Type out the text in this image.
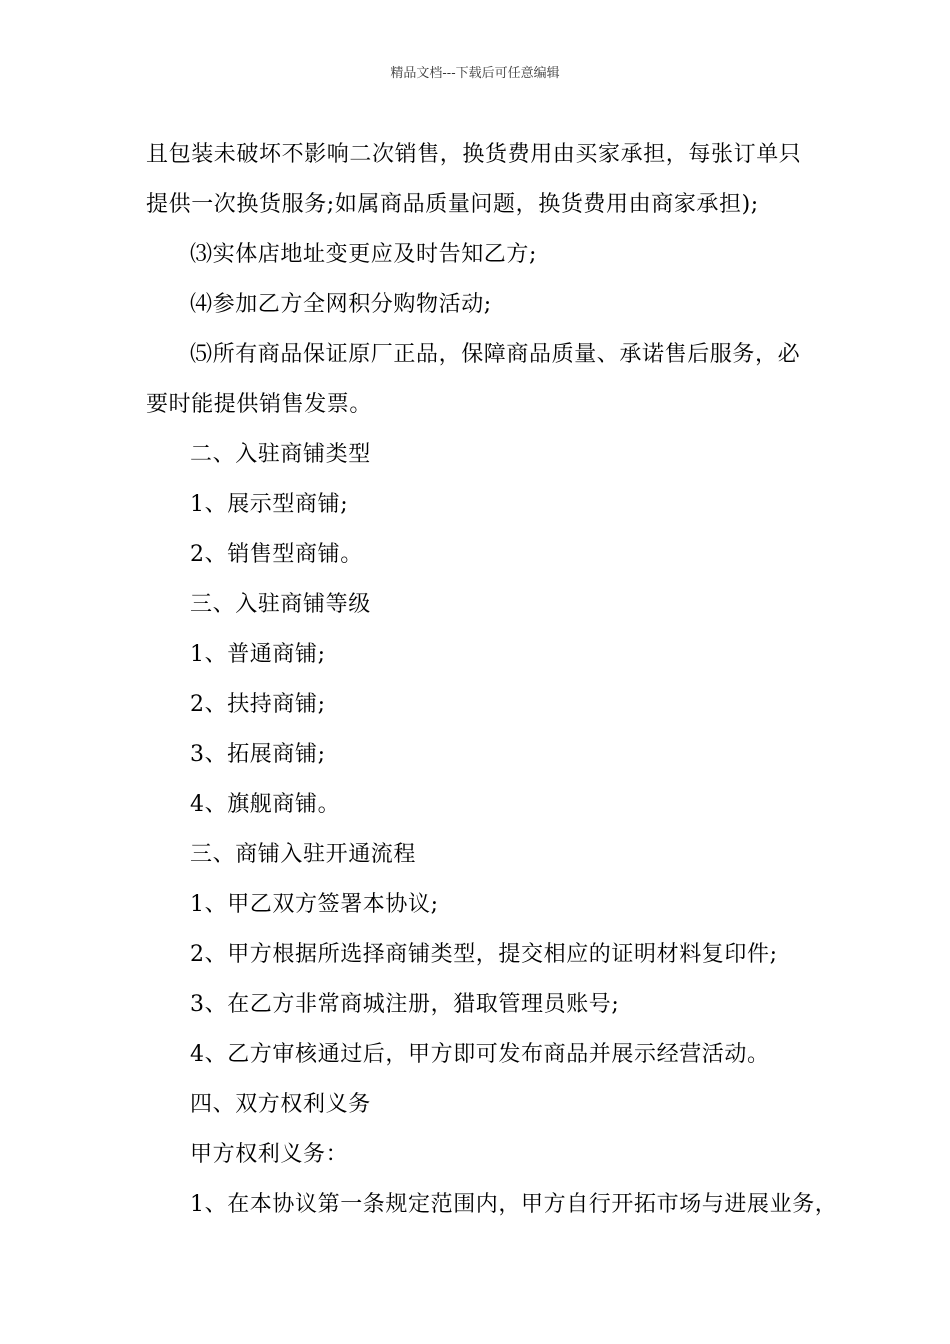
精品文档---下载后可任意编辑
且包装未破坏不影响二次销售，换货费用由买家承担，每张订单只
提供一次换货服务;如属商品质量问题，换货费用由商家承担);
⑶实体店地址变更应及时告知乙方;
⑷参加乙方全网积分购物活动;
⑸所有商品保证原厂正品，保障商品质量、承诺售后服务，必
要时能提供销售发票。
二、入驻商铺类型
1、展示型商铺;
2、销售型商铺。
三、入驻商铺等级
1、普通商铺;
2、扶持商铺;
3、拓展商铺;
4、旗舰商铺。
三、商铺入驻开通流程
1、甲乙双方签署本协议;
2、甲方根据所选择商铺类型，提交相应的证明材料复印件;
3、在乙方非常商城注册，猎取管理员账号;
4、乙方审核通过后，甲方即可发布商品并展示经营活动。
四、双方权利义务
甲方权利义务：
1、在本协议第一条规定范围内，甲方自行开拓市场与进展业务，
